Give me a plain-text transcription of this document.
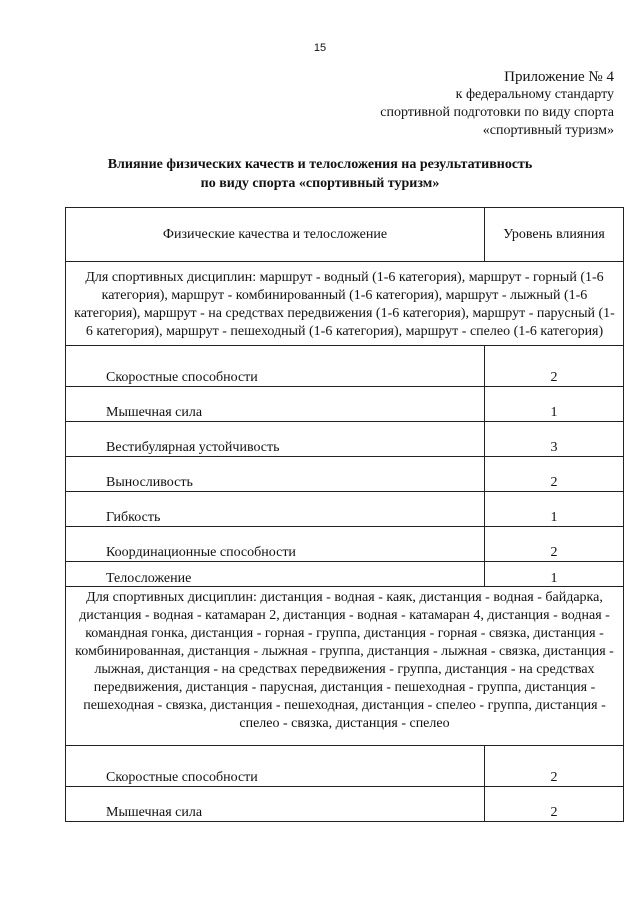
15
Приложение № 4
к федеральному стандарту
спортивной подготовки по виду спорта
«спортивный туризм»
Влияние физических качеств и телосложения на результативность
по виду спорта «спортивный туризм»
Физические качества и телосложение	Уровень влияния
Для спортивных дисциплин: маршрут - водный (1-6 категория), маршрут - горный (1-6 категория), маршрут - комбинированный (1-6 категория), маршрут - лыжный (1-6 категория), маршрут - на средствах передвижения (1-6 категория), маршрут - парусный (1-6 категория), маршрут - пешеходный (1-6 категория), маршрут - спелео (1-6 категория)	
Скоростные способности	2
Мышечная сила	1
Вестибулярная устойчивость	3
Выносливость	2
Гибкость	1
Координационные способности	2
Телосложение	1
Для спортивных дисциплин: дистанция - водная - каяк, дистанция - водная - байдарка, дистанция - водная - катамаран 2, дистанция - водная - катамаран 4, дистанция - водная - командная гонка, дистанция - горная - группа, дистанция - горная - связка, дистанция - комбинированная, дистанция - лыжная - группа, дистанция - лыжная - связка, дистанция - лыжная, дистанция - на средствах передвижения - группа, дистанция - на средствах передвижения, дистанция - парусная, дистанция - пешеходная - группа, дистанция - пешеходная - связка, дистанция - пешеходная, дистанция - спелео - группа, дистанция - спелео - связка, дистанция - спелео	
Скоростные способности	2
Мышечная сила	2
